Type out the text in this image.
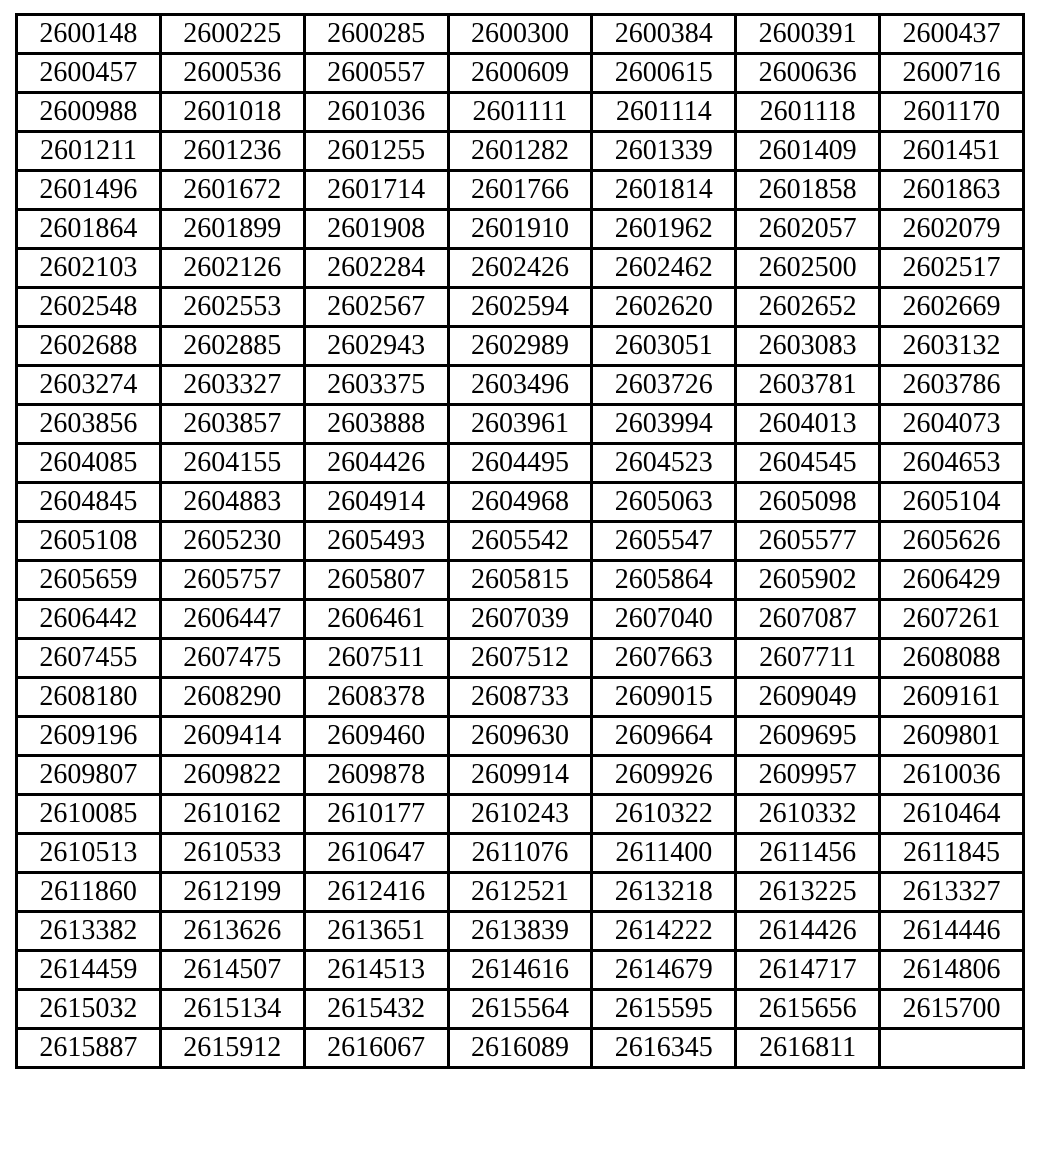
2600148	2600225	2600285	2600300	2600384	2600391	2600437
2600457	2600536	2600557	2600609	2600615	2600636	2600716
2600988	2601018	2601036	2601111	2601114	2601118	2601170
2601211	2601236	2601255	2601282	2601339	2601409	2601451
2601496	2601672	2601714	2601766	2601814	2601858	2601863
2601864	2601899	2601908	2601910	2601962	2602057	2602079
2602103	2602126	2602284	2602426	2602462	2602500	2602517
2602548	2602553	2602567	2602594	2602620	2602652	2602669
2602688	2602885	2602943	2602989	2603051	2603083	2603132
2603274	2603327	2603375	2603496	2603726	2603781	2603786
2603856	2603857	2603888	2603961	2603994	2604013	2604073
2604085	2604155	2604426	2604495	2604523	2604545	2604653
2604845	2604883	2604914	2604968	2605063	2605098	2605104
2605108	2605230	2605493	2605542	2605547	2605577	2605626
2605659	2605757	2605807	2605815	2605864	2605902	2606429
2606442	2606447	2606461	2607039	2607040	2607087	2607261
2607455	2607475	2607511	2607512	2607663	2607711	2608088
2608180	2608290	2608378	2608733	2609015	2609049	2609161
2609196	2609414	2609460	2609630	2609664	2609695	2609801
2609807	2609822	2609878	2609914	2609926	2609957	2610036
2610085	2610162	2610177	2610243	2610322	2610332	2610464
2610513	2610533	2610647	2611076	2611400	2611456	2611845
2611860	2612199	2612416	2612521	2613218	2613225	2613327
2613382	2613626	2613651	2613839	2614222	2614426	2614446
2614459	2614507	2614513	2614616	2614679	2614717	2614806
2615032	2615134	2615432	2615564	2615595	2615656	2615700
2615887	2615912	2616067	2616089	2616345	2616811	
